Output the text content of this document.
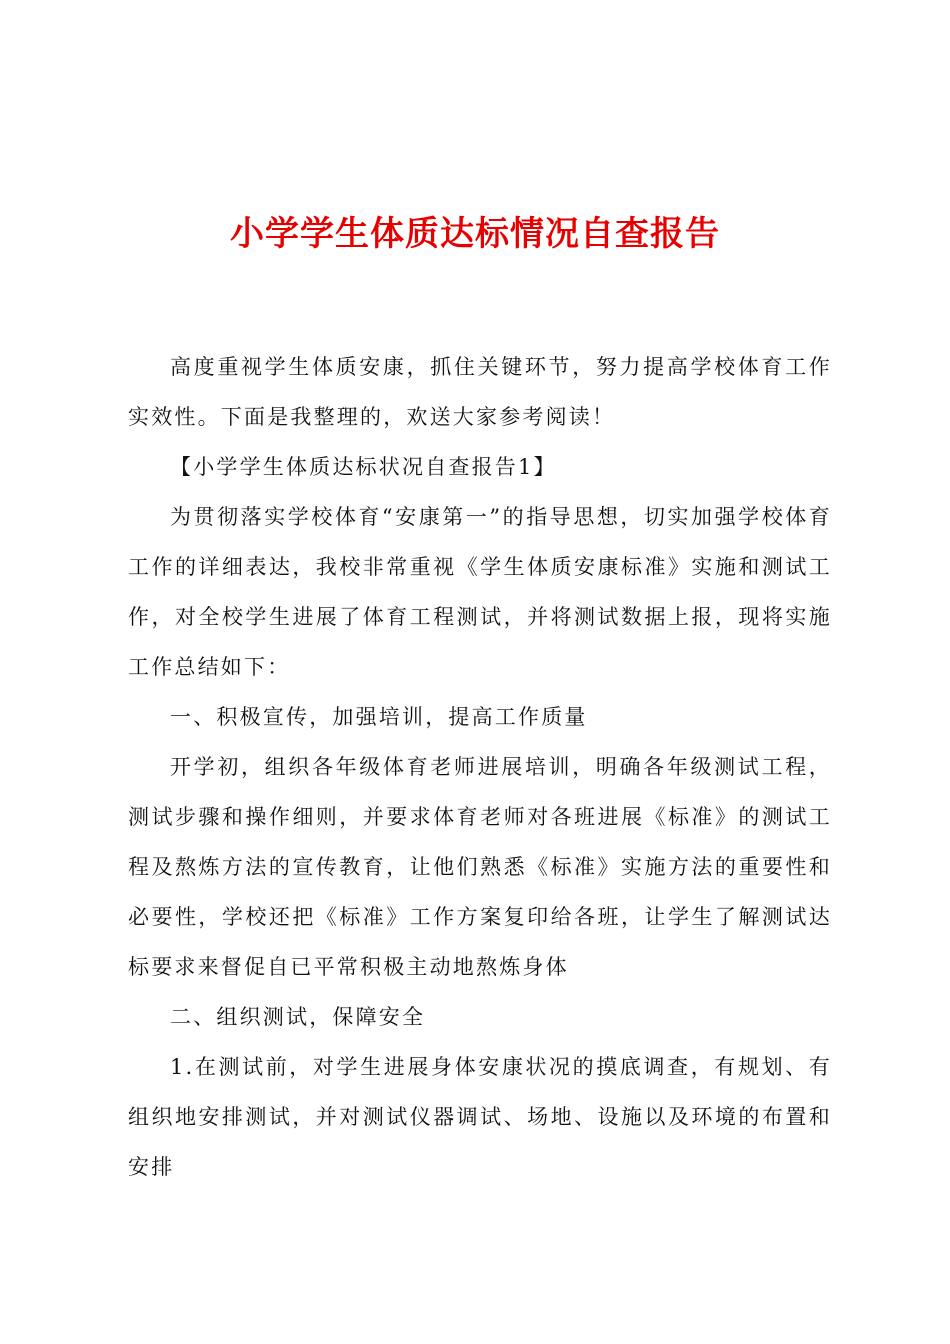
小学学生体质达标情况自查报告

高度重视学生体质安康，抓住关键环节，努力提高学校体育工作实效性。下面是我整理的，欢送大家参考阅读！

【小学学生体质达标状况自查报告1】

为贯彻落实学校体育“安康第一”的指导思想，切实加强学校体育工作的详细表达，我校非常重视《学生体质安康标准》实施和测试工作，对全校学生进展了体育工程测试，并将测试数据上报，现将实施工作总结如下：

一、积极宣传，加强培训，提高工作质量

开学初，组织各年级体育老师进展培训，明确各年级测试工程，测试步骤和操作细则，并要求体育老师对各班进展《标准》的测试工程及熬炼方法的宣传教育，让他们熟悉《标准》实施方法的重要性和必要性，学校还把《标准》工作方案复印给各班，让学生了解测试达标要求来督促自已平常积极主动地熬炼身体

二、组织测试，保障安全

1.在测试前，对学生进展身体安康状况的摸底调查，有规划、有组织地安排测试，并对测试仪器调试、场地、设施以及环境的布置和安排
